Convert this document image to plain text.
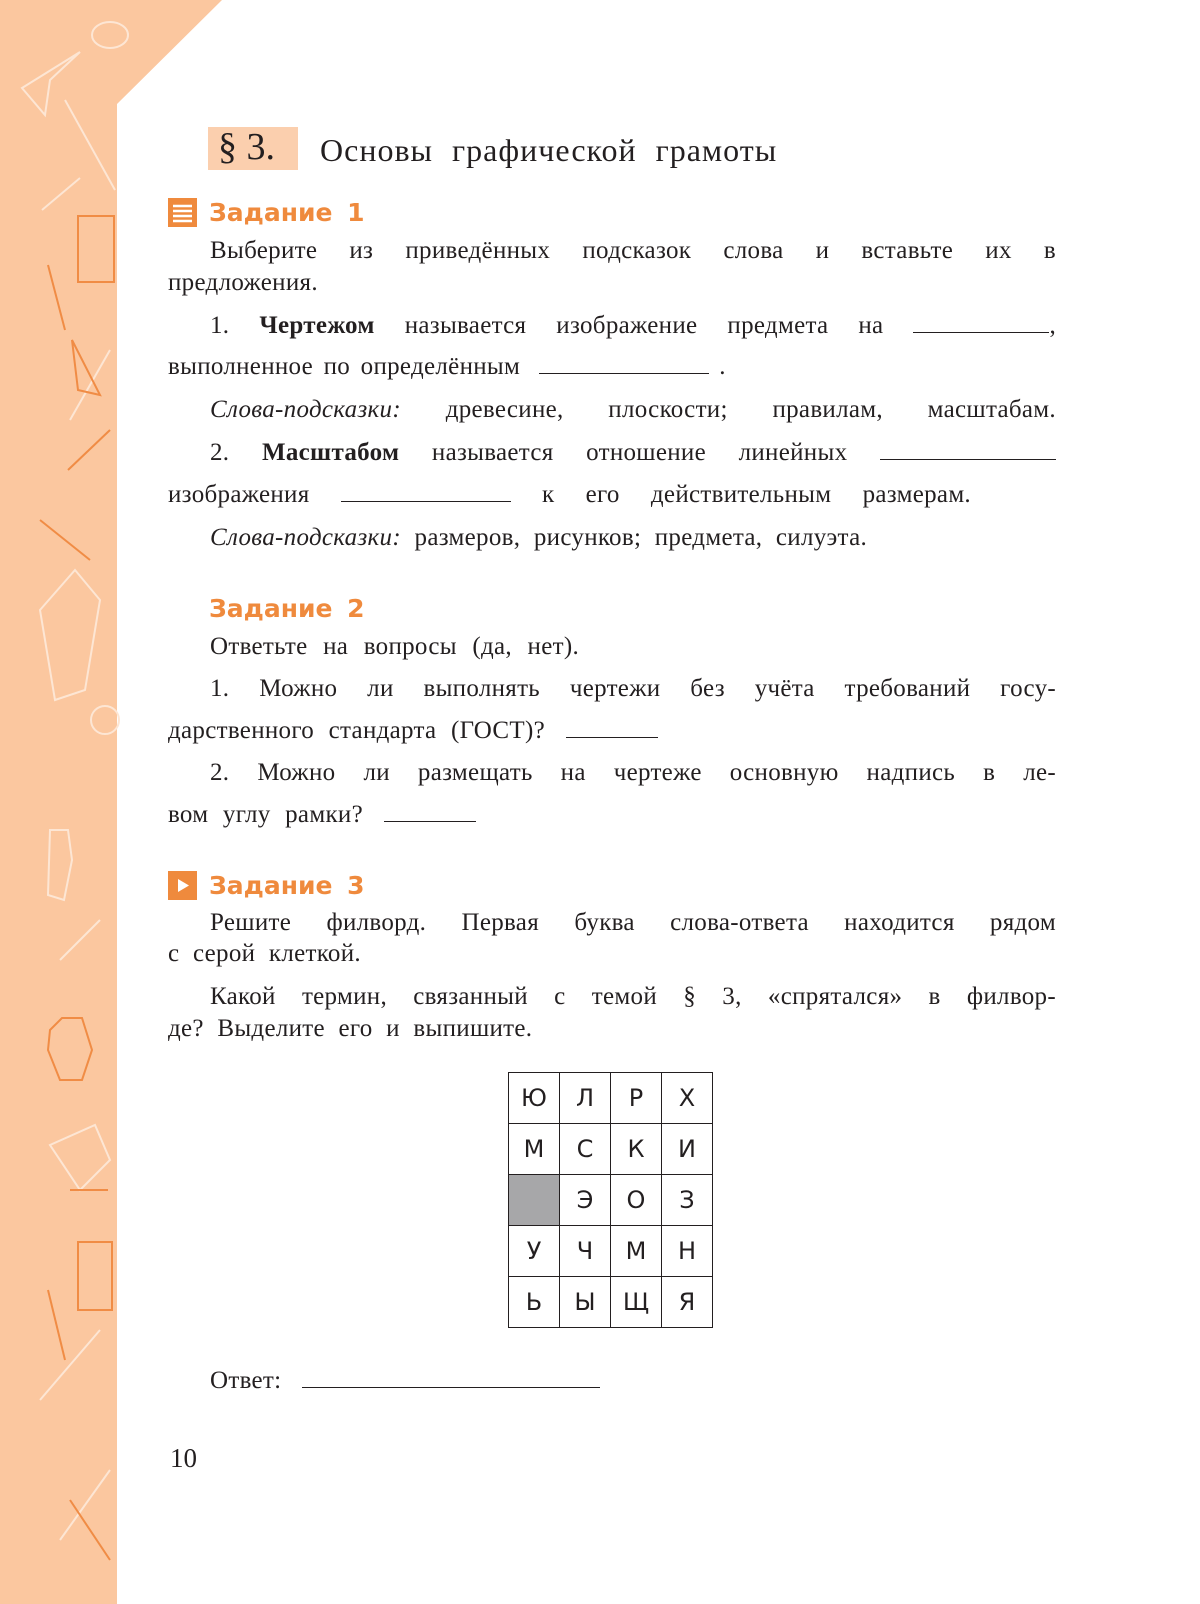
§ 3. Основы графической грамоты
Задание 1
Выберите из приведённых подсказок слова и вставьте их в
предложения.
1. Чертежом называется изображение предмета на	,
выполненное по определённым	.
Слова-подсказки: древесине, плоскости; правилам, масштабам.
2. Масштабом называется отношение линейных
изображения	к его действительным размерам.
Слова-подсказки: размеров, рисунков; предмета, силуэта.
Задание 2
Ответьте на вопросы (да, нет).
1. Можно ли выполнять чертежи без учёта требований госу-
дарственного стандарта (ГОСТ)?
2. Можно ли размещать на чертеже основную надпись в ле-
вом углу рамки?
Задание 3
Решите филворд. Первая буква слова-ответа находится рядом
с серой клеткой.
Какой термин, связанный с темой § 3, «спрятался» в филвор-
де? Выделите его и выпишите.
Ю	Л	Р	Х
М	С	К	И
	Э	О	З
У	Ч	М	Н
Ь	Ы	Щ	Я
Ответ:
10
